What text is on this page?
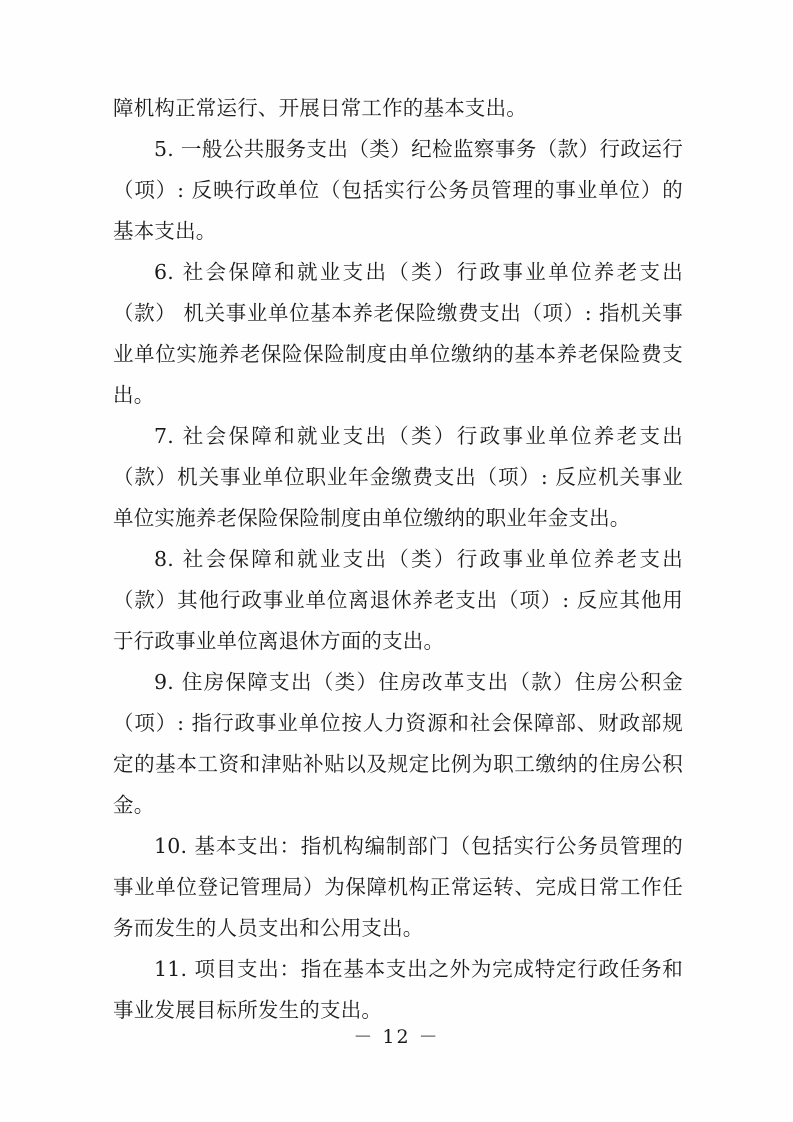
障机构正常运行、开展日常工作的基本支出。

5. 一般公共服务支出（类）纪检监察事务（款）行政运行（项）: 反映行政单位（包括实行公务员管理的事业单位）的基本支出。

6. 社会保障和就业支出（类）行政事业单位养老支出（款） 机关事业单位基本养老保险缴费支出（项）: 指机关事业单位实施养老保险保险制度由单位缴纳的基本养老保险费支出。

7. 社会保障和就业支出（类）行政事业单位养老支出（款）机关事业单位职业年金缴费支出（项）: 反应机关事业单位实施养老保险保险制度由单位缴纳的职业年金支出。

8. 社会保障和就业支出（类）行政事业单位养老支出（款）其他行政事业单位离退休养老支出（项）: 反应其他用于行政事业单位离退休方面的支出。

9. 住房保障支出（类）住房改革支出（款）住房公积金（项）: 指行政事业单位按人力资源和社会保障部、财政部规定的基本工资和津贴补贴以及规定比例为职工缴纳的住房公积金。

10. 基本支出：指机构编制部门（包括实行公务员管理的事业单位登记管理局）为保障机构正常运转、完成日常工作任务而发生的人员支出和公用支出。

11. 项目支出：指在基本支出之外为完成特定行政任务和事业发展目标所发生的支出。

－ 12 －
